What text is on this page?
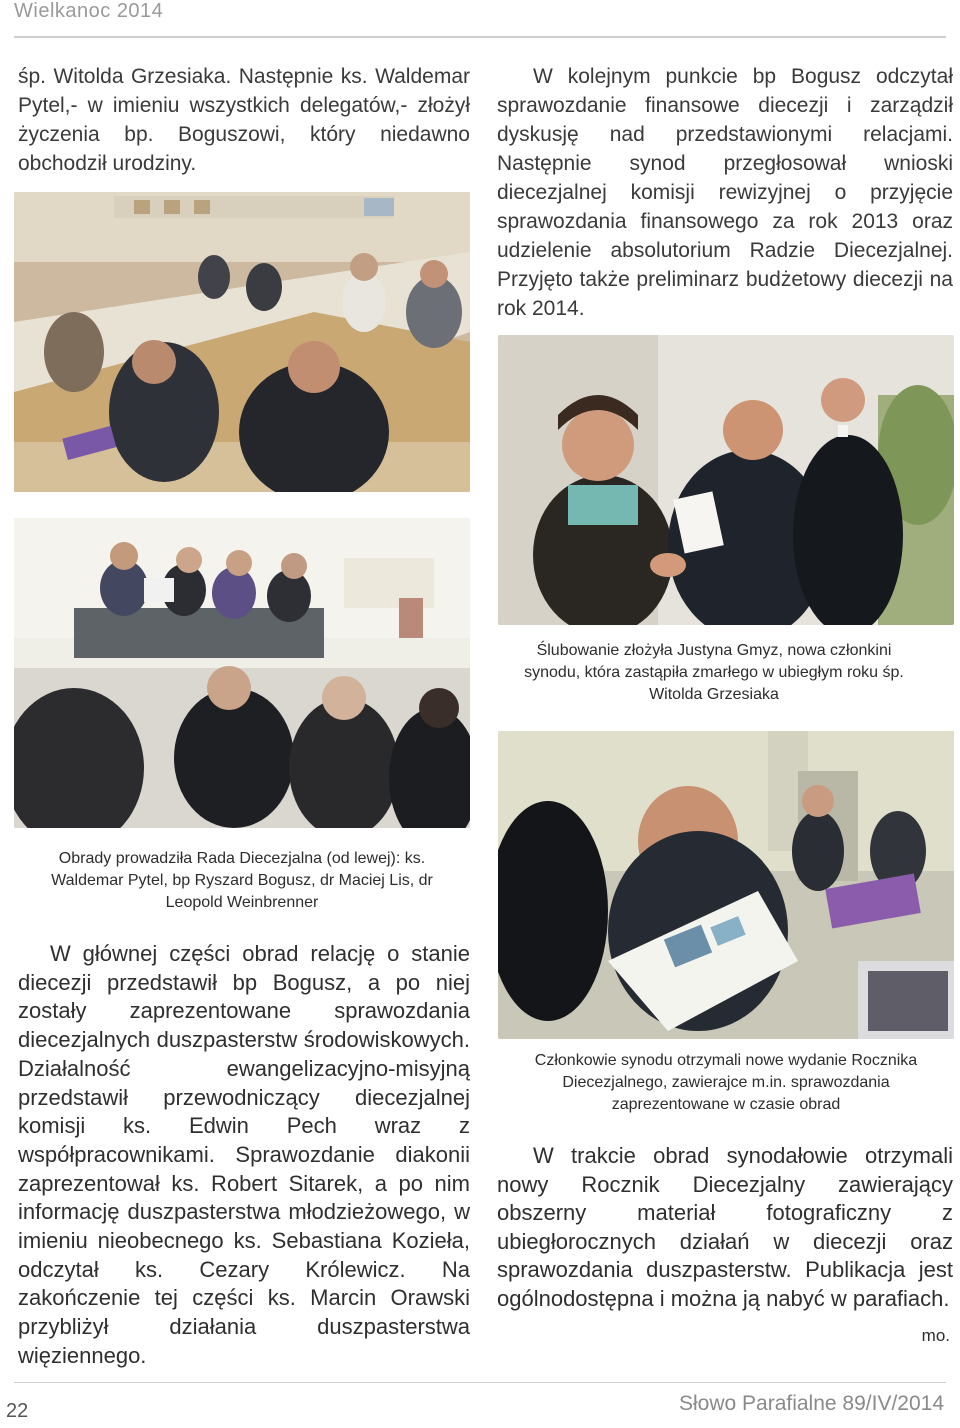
Wielkanoc 2014

śp. Witolda Grzesiaka. Następnie ks. Waldemar Pytel,- w imieniu wszystkich delegatów,- złożył życzenia bp. Boguszowi, który niedawno obchodził urodziny.

W kolejnym punkcie bp Bogusz odczytał sprawozdanie finansowe diecezji i zarządził dyskusję nad przedstawionymi relacjami. Następnie synod przegłosował wnioski diecezjalnej komisji rewizyjnej o przyjęcie sprawozdania finansowego za rok 2013 oraz udzielenie absolutorium Radzie Diecezjalnej. Przyjęto także preliminarz budżetowy diecezji na rok 2014.

Ślubowanie złożyła Justyna Gmyz, nowa członkini synodu, która zastąpiła zmarłego w ubiegłym roku śp. Witolda Grzesiaka

Obrady prowadziła Rada Diecezjalna (od lewej): ks. Waldemar Pytel, bp Ryszard Bogusz, dr Maciej Lis, dr Leopold Weinbrenner

Członkowie synodu otrzymali nowe wydanie Rocznika Diecezjalnego, zawierajce m.in. sprawozdania zaprezentowane w czasie obrad

W głównej części obrad relację o stanie diecezji przedstawił bp Bogusz, a po niej zostały zaprezentowane sprawozdania diecezjalnych duszpasterstw środowiskowych. Działalność ewangelizacyjno-misyjną przedstawił przewodniczący diecezjalnej komisji ks. Edwin Pech wraz z współpracownikami. Sprawozdanie diakonii zaprezentował ks. Robert Sitarek, a po nim informację duszpasterstwa młodzieżowego, w imieniu nieobecnego ks. Sebastiana Kozieła, odczytał ks. Cezary Królewicz. Na zakończenie tej części ks. Marcin Orawski przybliżył działania duszpasterstwa więziennego.

W trakcie obrad synodałowie otrzymali nowy Rocznik Diecezjalny zawierający obszerny materiał fotograficzny z ubiegłorocznych działań w diecezji oraz sprawozdania duszpasterstw. Publikacja jest ogólnodostępna i można ją nabyć w parafiach.

mo.
22	Słowo Parafialne 89/IV/2014
